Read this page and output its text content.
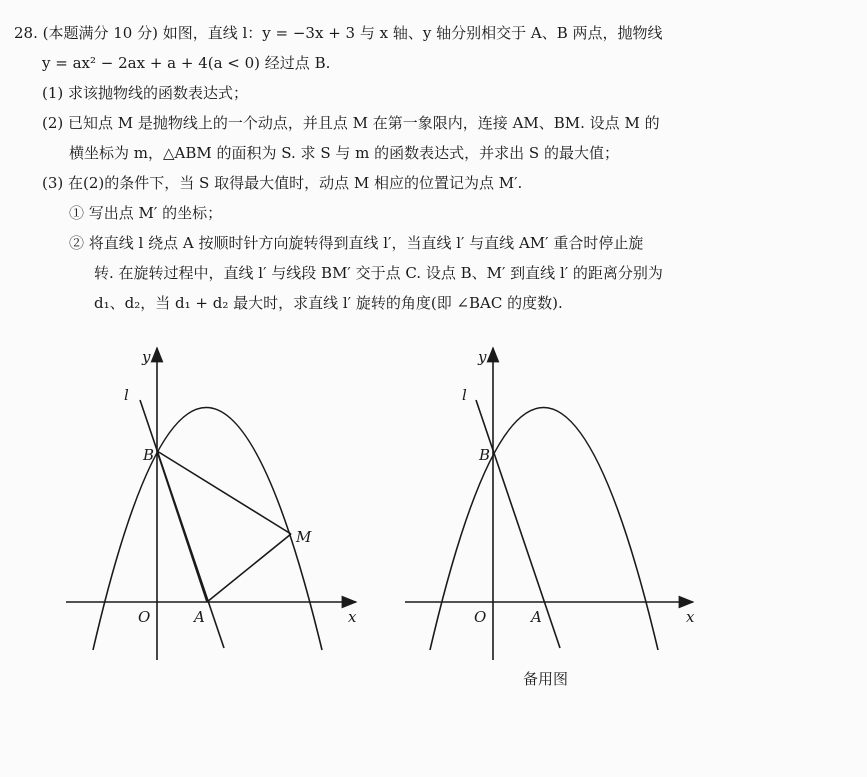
28. (本题满分 10 分) 如图，直线 l：y = −3x + 3 与 x 轴、y 轴分别相交于 A、B 两点，抛物线
y = ax² − 2ax + a + 4(a < 0) 经过点 B.
(1) 求该抛物线的函数表达式；
(2) 已知点 M 是抛物线上的一个动点，并且点 M 在第一象限内，连接 AM、BM. 设点 M 的
横坐标为 m，△ABM 的面积为 S. 求 S 与 m 的函数表达式，并求出 S 的最大值；
(3) 在(2)的条件下，当 S 取得最大值时，动点 M 相应的位置记为点 M′.
① 写出点 M′ 的坐标；
② 将直线 l 绕点 A 按顺时针方向旋转得到直线 l′，当直线 l′ 与直线 AM′ 重合时停止旋
转. 在旋转过程中，直线 l′ 与线段 BM′ 交于点 C. 设点 B、M′ 到直线 l′ 的距离分别为
d₁、d₂，当 d₁ + d₂ 最大时，求直线 l′ 旋转的角度(即 ∠BAC 的度数).
y
x
l
B
M
O	A
y
x
l
B
O	A
备用图
